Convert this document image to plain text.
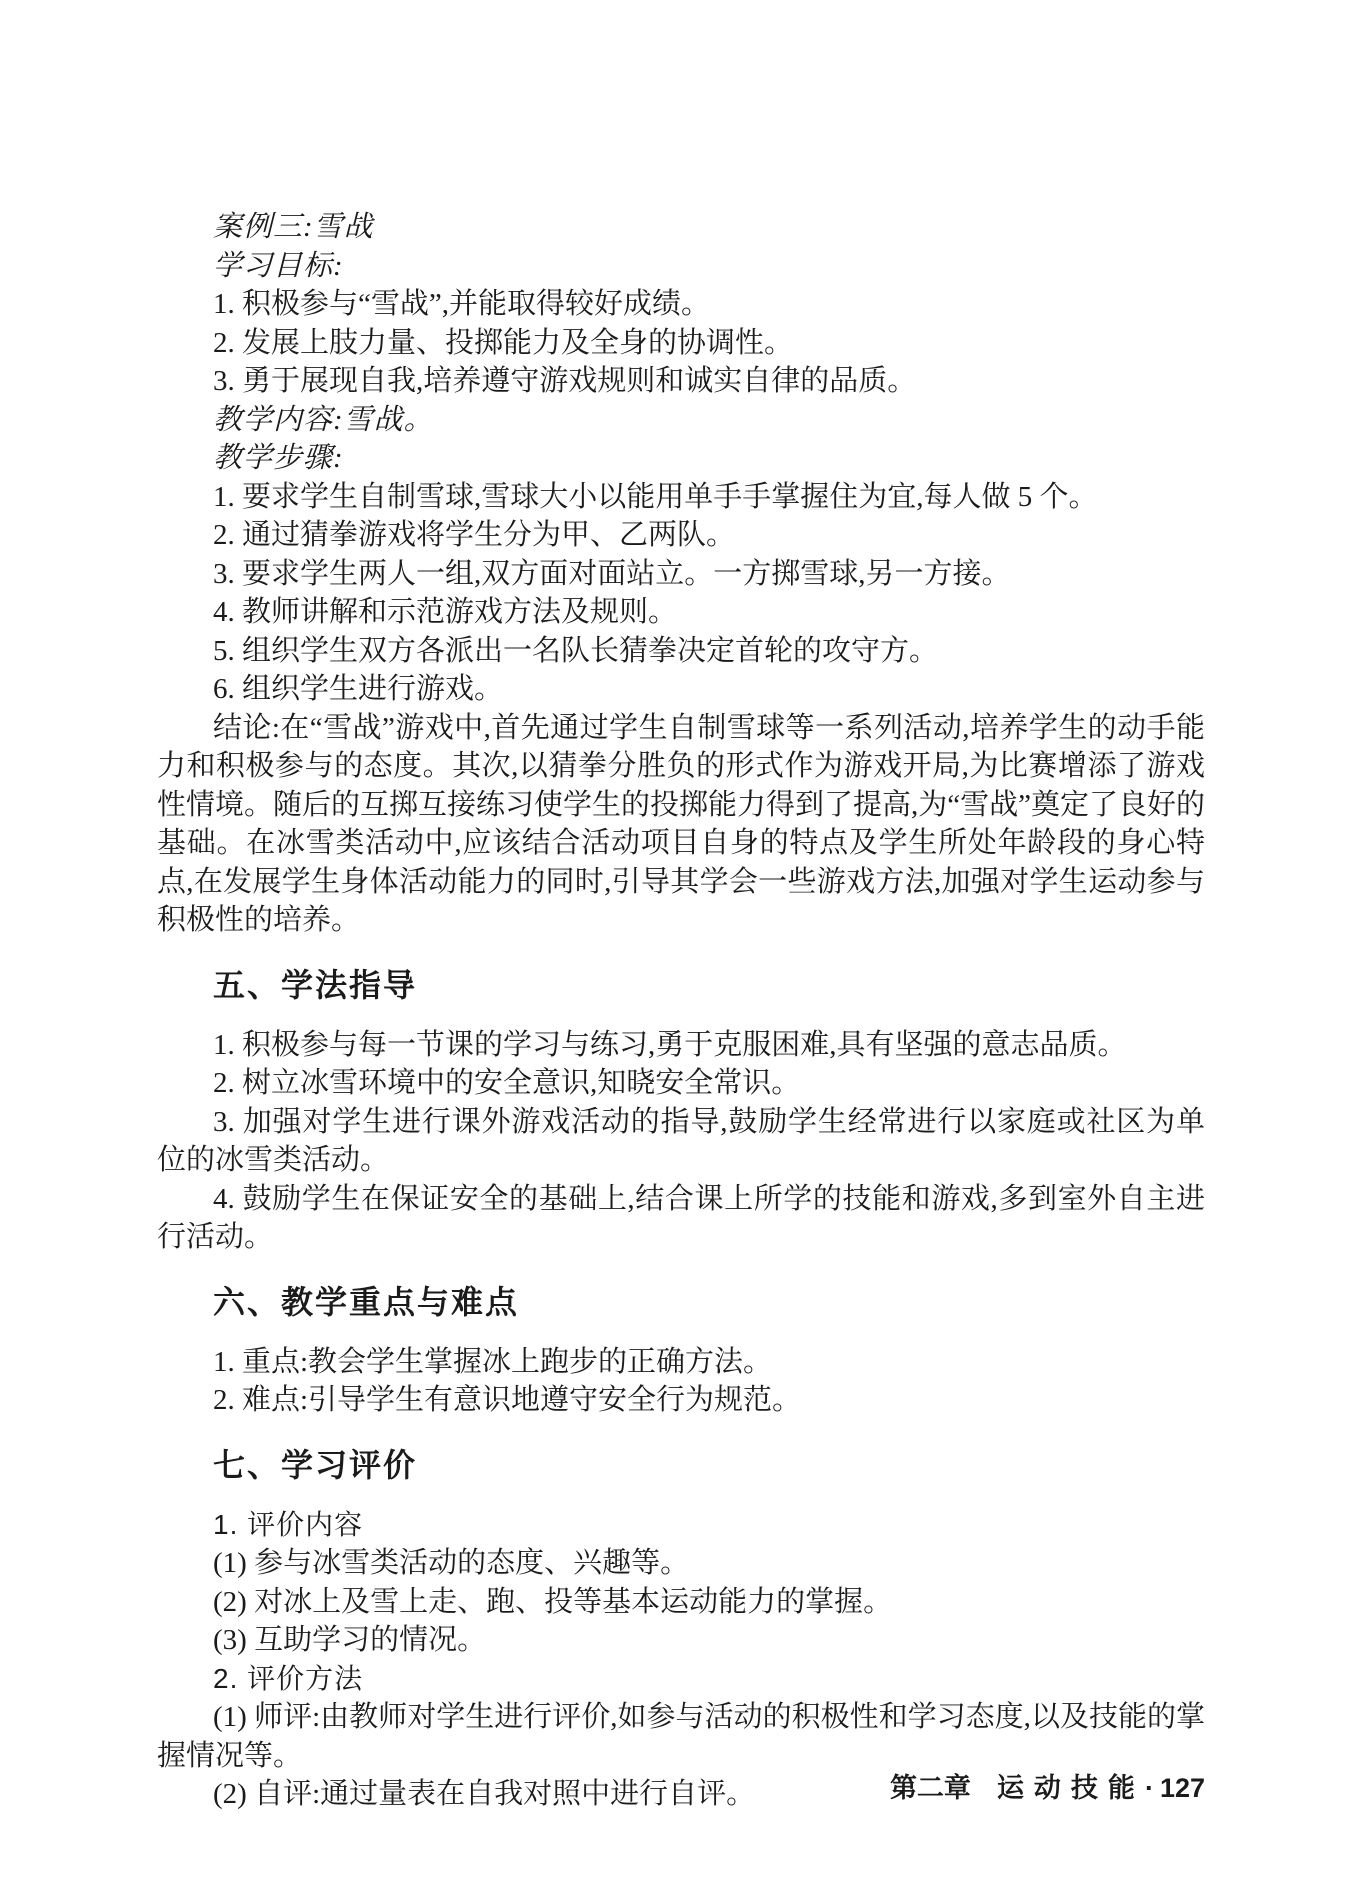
案例三:雪战

学习目标:

1. 积极参与“雪战”,并能取得较好成绩。

2. 发展上肢力量、投掷能力及全身的协调性。

3. 勇于展现自我,培养遵守游戏规则和诚实自律的品质。

教学内容:雪战。

教学步骤:

1. 要求学生自制雪球,雪球大小以能用单手手掌握住为宜,每人做 5 个。

2. 通过猜拳游戏将学生分为甲、乙两队。

3. 要求学生两人一组,双方面对面站立。一方掷雪球,另一方接。

4. 教师讲解和示范游戏方法及规则。

5. 组织学生双方各派出一名队长猜拳决定首轮的攻守方。

6. 组织学生进行游戏。

结论:在“雪战”游戏中,首先通过学生自制雪球等一系列活动,培养学生的动手能力和积极参与的态度。其次,以猜拳分胜负的形式作为游戏开局,为比赛增添了游戏性情境。随后的互掷互接练习使学生的投掷能力得到了提高,为“雪战”奠定了良好的基础。在冰雪类活动中,应该结合活动项目自身的特点及学生所处年龄段的身心特点,在发展学生身体活动能力的同时,引导其学会一些游戏方法,加强对学生运动参与积极性的培养。

五、学法指导

1. 积极参与每一节课的学习与练习,勇于克服困难,具有坚强的意志品质。

2. 树立冰雪环境中的安全意识,知晓安全常识。

3. 加强对学生进行课外游戏活动的指导,鼓励学生经常进行以家庭或社区为单位的冰雪类活动。

4. 鼓励学生在保证安全的基础上,结合课上所学的技能和游戏,多到室外自主进行活动。

六、教学重点与难点

1. 重点:教会学生掌握冰上跑步的正确方法。

2. 难点:引导学生有意识地遵守安全行为规范。

七、学习评价

1. 评价内容

(1) 参与冰雪类活动的态度、兴趣等。

(2) 对冰上及雪上走、跑、投等基本运动能力的掌握。

(3) 互助学习的情况。

2. 评价方法

(1) 师评:由教师对学生进行评价,如参与活动的积极性和学习态度,以及技能的掌握情况等。

(2) 自评:通过量表在自我对照中进行自评。	第二章 运动技能· 127
